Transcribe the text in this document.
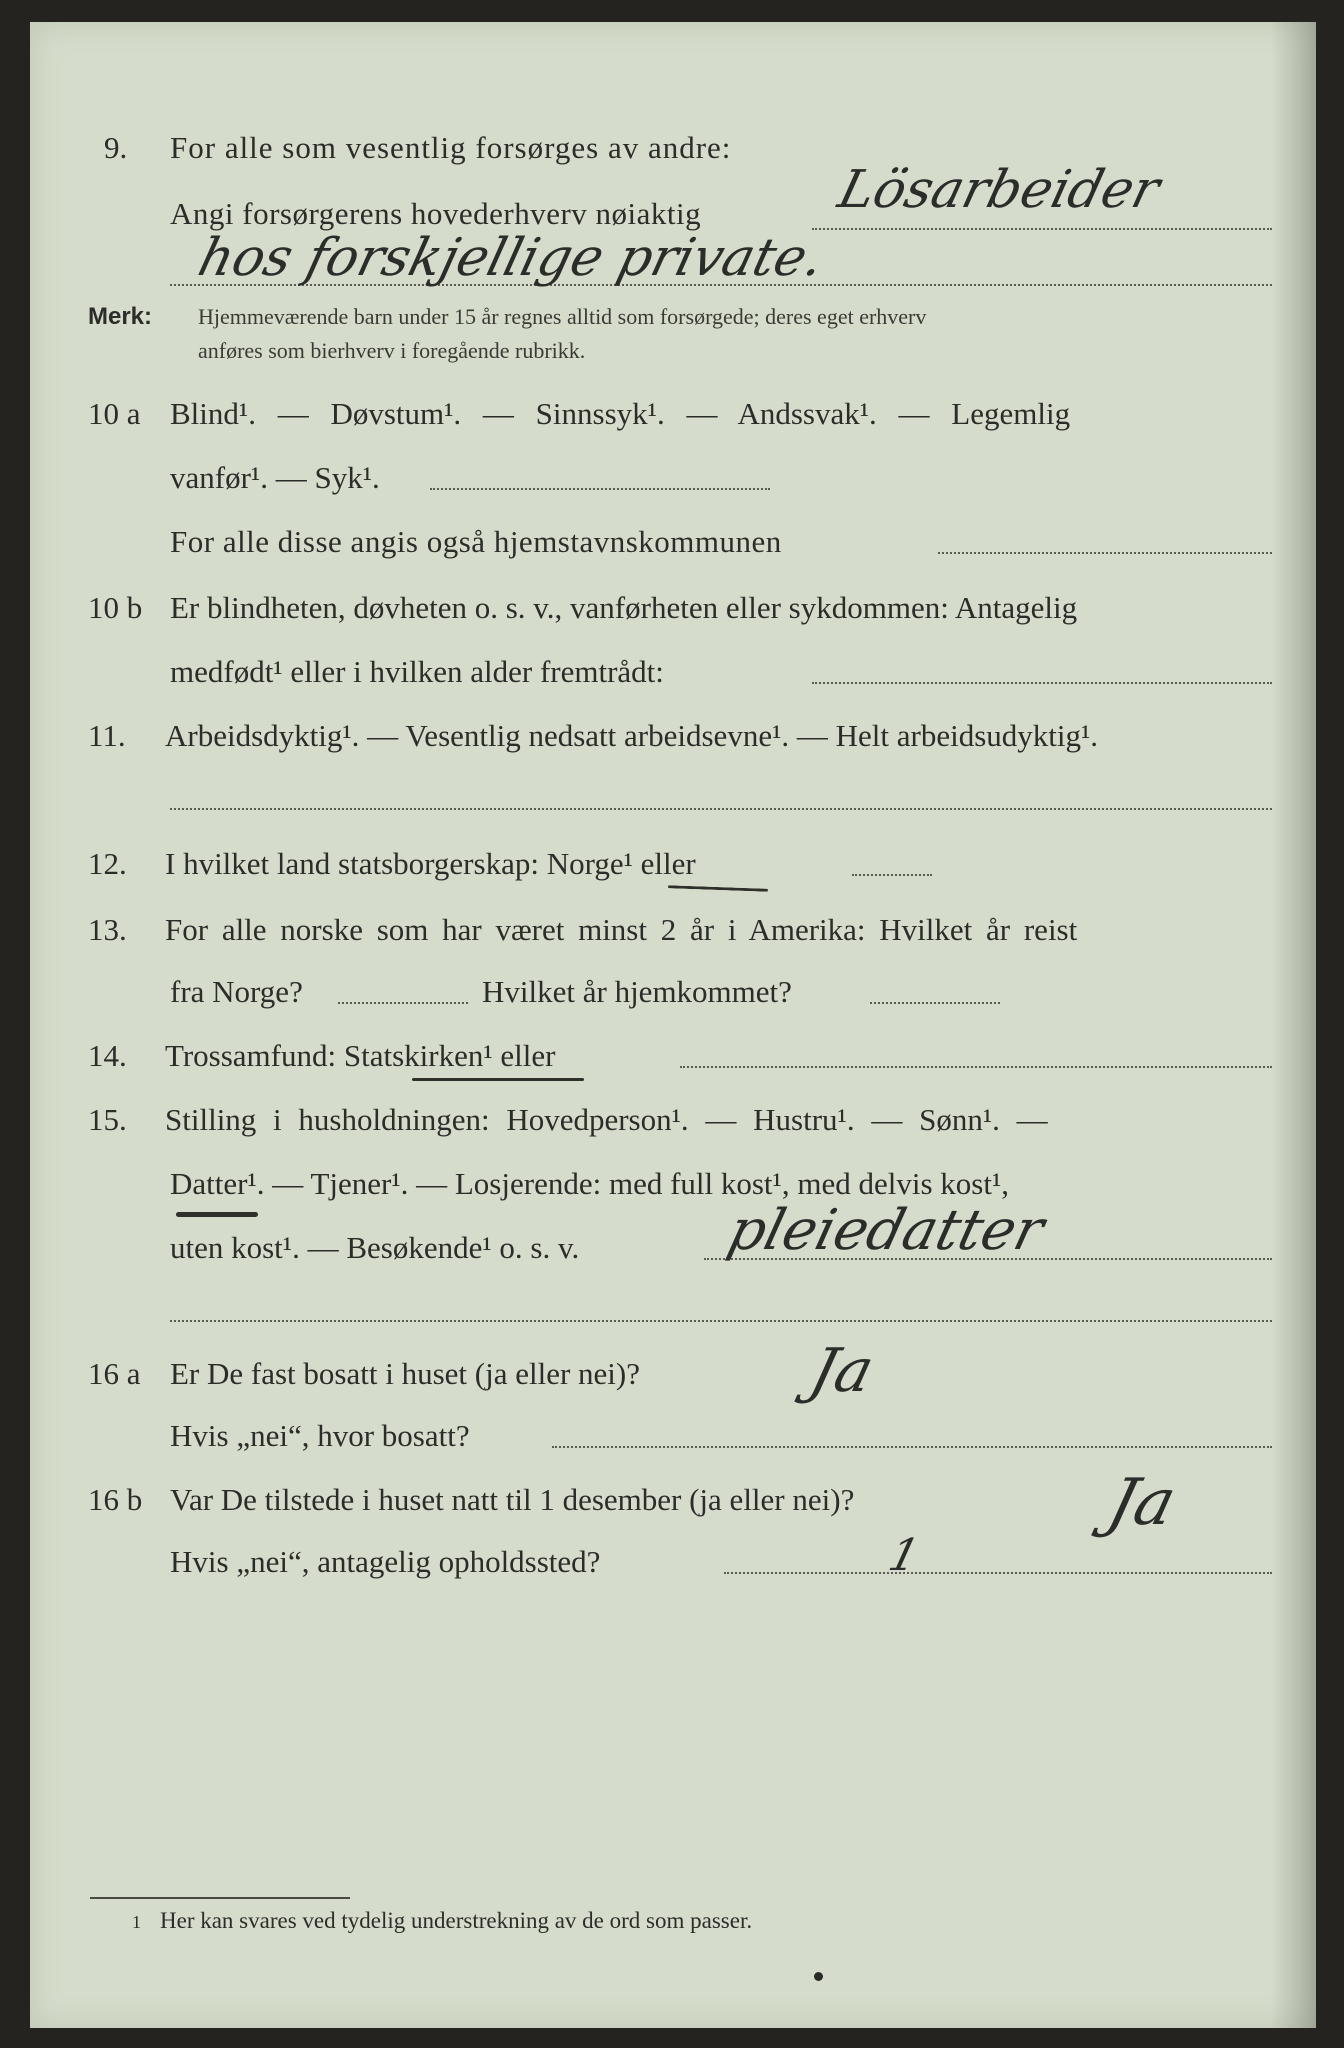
9. For alle som vesentlig forsørges av andre:
Angi forsørgerens hovederhverv nøiaktig	Lösarbeider
hos forskjellige private.
Merk: Hjemmeværende barn under 15 år regnes alltid som forsørgede; deres eget erhverv
anføres som bierhverv i foregående rubrikk.
10 a Blind¹. — Døvstum¹. — Sinnssyk¹. — Andssvak¹. — Legemlig
vanfør¹. — Syk¹.
For alle disse angis også hjemstavnskommunen
10 b Er blindheten, døvheten o. s. v., vanførheten eller sykdommen: Antagelig
medfødt¹ eller i hvilken alder fremtrådt:
11. Arbeidsdyktig¹. — Vesentlig nedsatt arbeidsevne¹. — Helt arbeidsudyktig¹.
12. I hvilket land statsborgerskap: Norge¹ eller
13. For alle norske som har været minst 2 år i Amerika: Hvilket år reist
fra Norge?	Hvilket år hjemkommet?
14. Trossamfund: Statskirken¹ eller
15. Stilling i husholdningen: Hovedperson¹. — Hustru¹. — Sønn¹. —
Datter¹. — Tjener¹. — Losjerende: med full kost¹, med delvis kost¹,
uten kost¹. — Besøkende¹ o. s. v.	pleiedatter
16 a Er De fast bosatt i huset (ja eller nei)?	Ja
Hvis „nei“, hvor bosatt?
16 b Var De tilstede i huset natt til 1 desember (ja eller nei)?	Ja
Hvis „nei“, antagelig opholdssted?	1
1 Her kan svares ved tydelig understrekning av de ord som passer.
